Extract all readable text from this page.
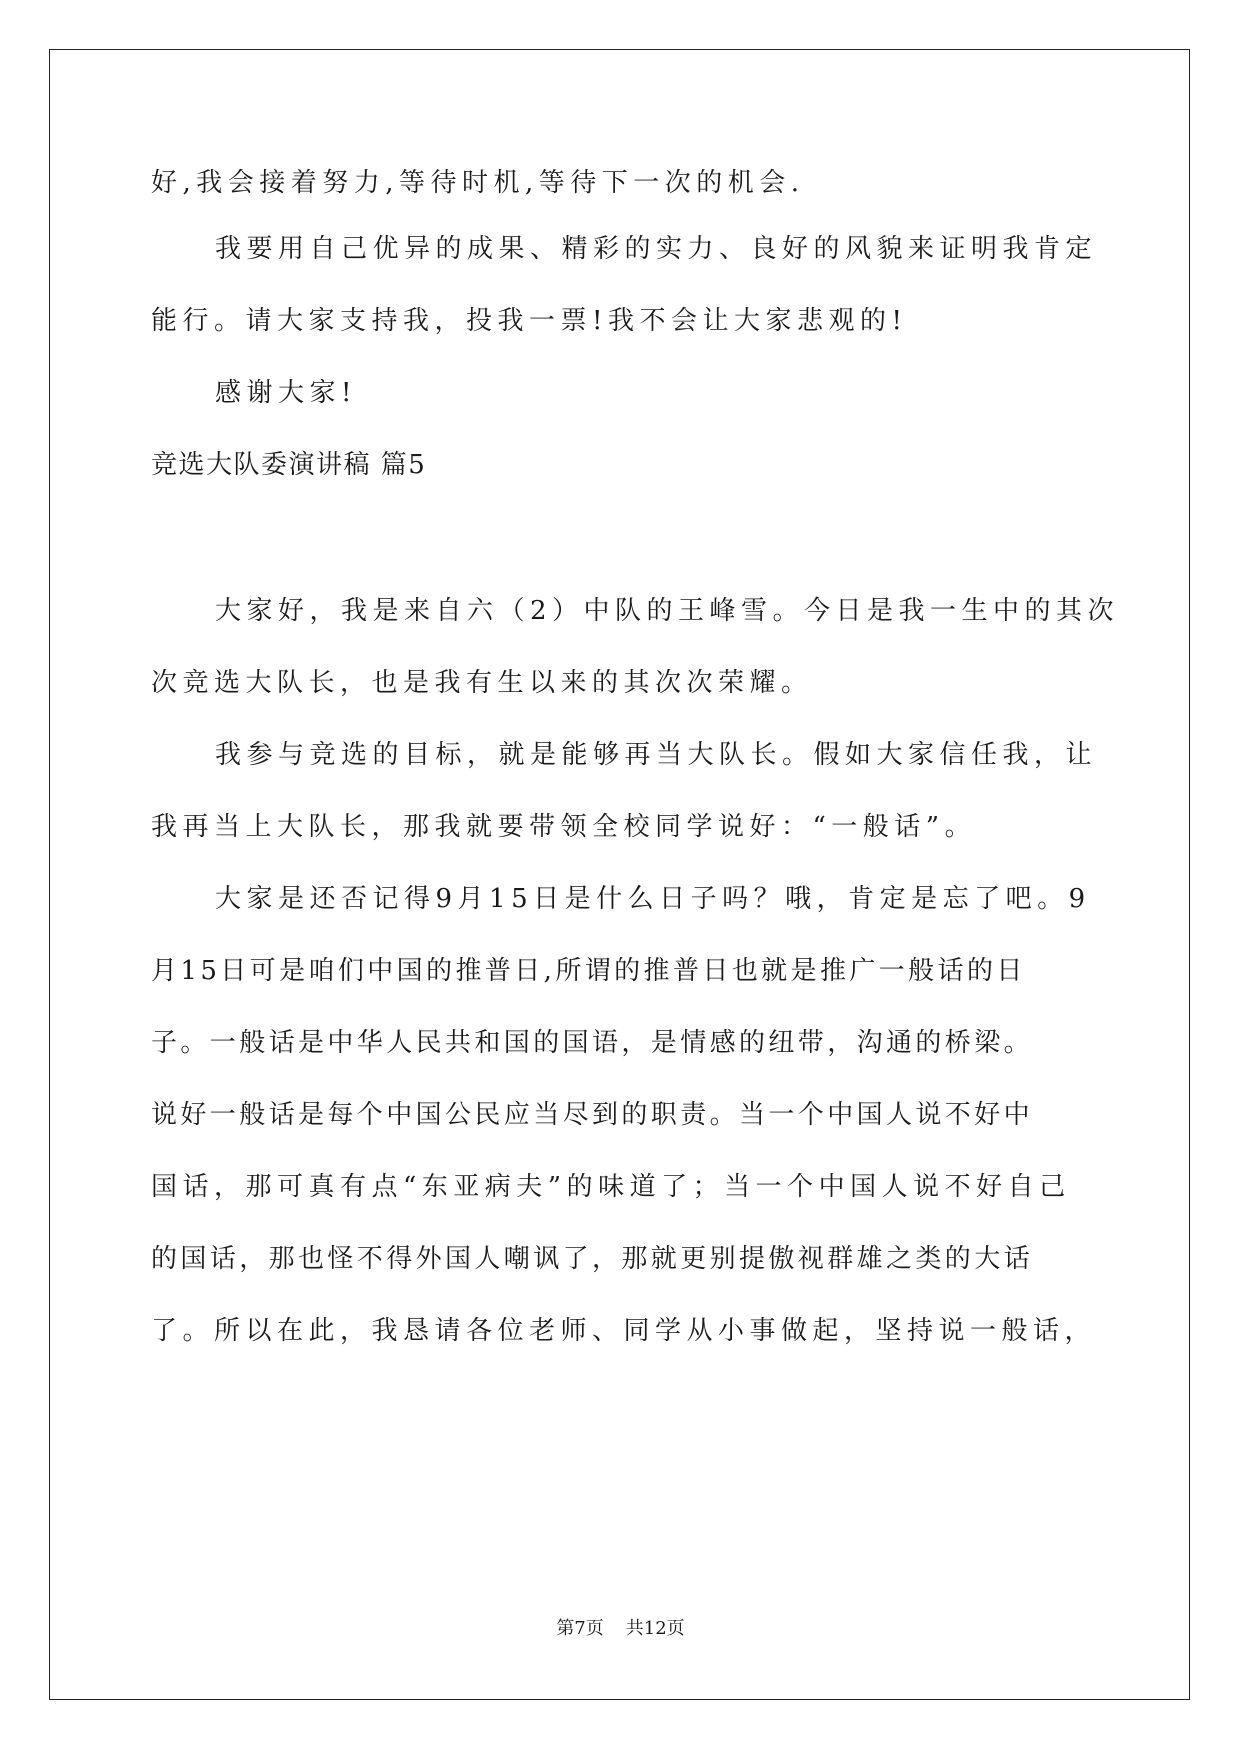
好,我会接着努力,等待时机,等待下一次的机会.
我要用自己优异的成果、精彩的实力、良好的风貌来证明我肯定
能行。请大家支持我，投我一票!我不会让大家悲观的!
感谢大家!
竞选大队委演讲稿 篇5
大家好，我是来自六（2）中队的王峰雪。今日是我一生中的其次
次竞选大队长，也是我有生以来的其次次荣耀。
我参与竞选的目标，就是能够再当大队长。假如大家信任我，让
我再当上大队长，那我就要带领全校同学说好：“一般话”。
大家是还否记得9月15日是什么日子吗？哦，肯定是忘了吧。9
月15日可是咱们中国的推普日,所谓的推普日也就是推广一般话的日
子。一般话是中华人民共和国的国语，是情感的纽带，沟通的桥梁。
说好一般话是每个中国公民应当尽到的职责。当一个中国人说不好中
国话，那可真有点“东亚病夫”的味道了；当一个中国人说不好自己
的国话，那也怪不得外国人嘲讽了，那就更别提傲视群雄之类的大话
了。所以在此，我恳请各位老师、同学从小事做起，坚持说一般话，
第7页 共12页
